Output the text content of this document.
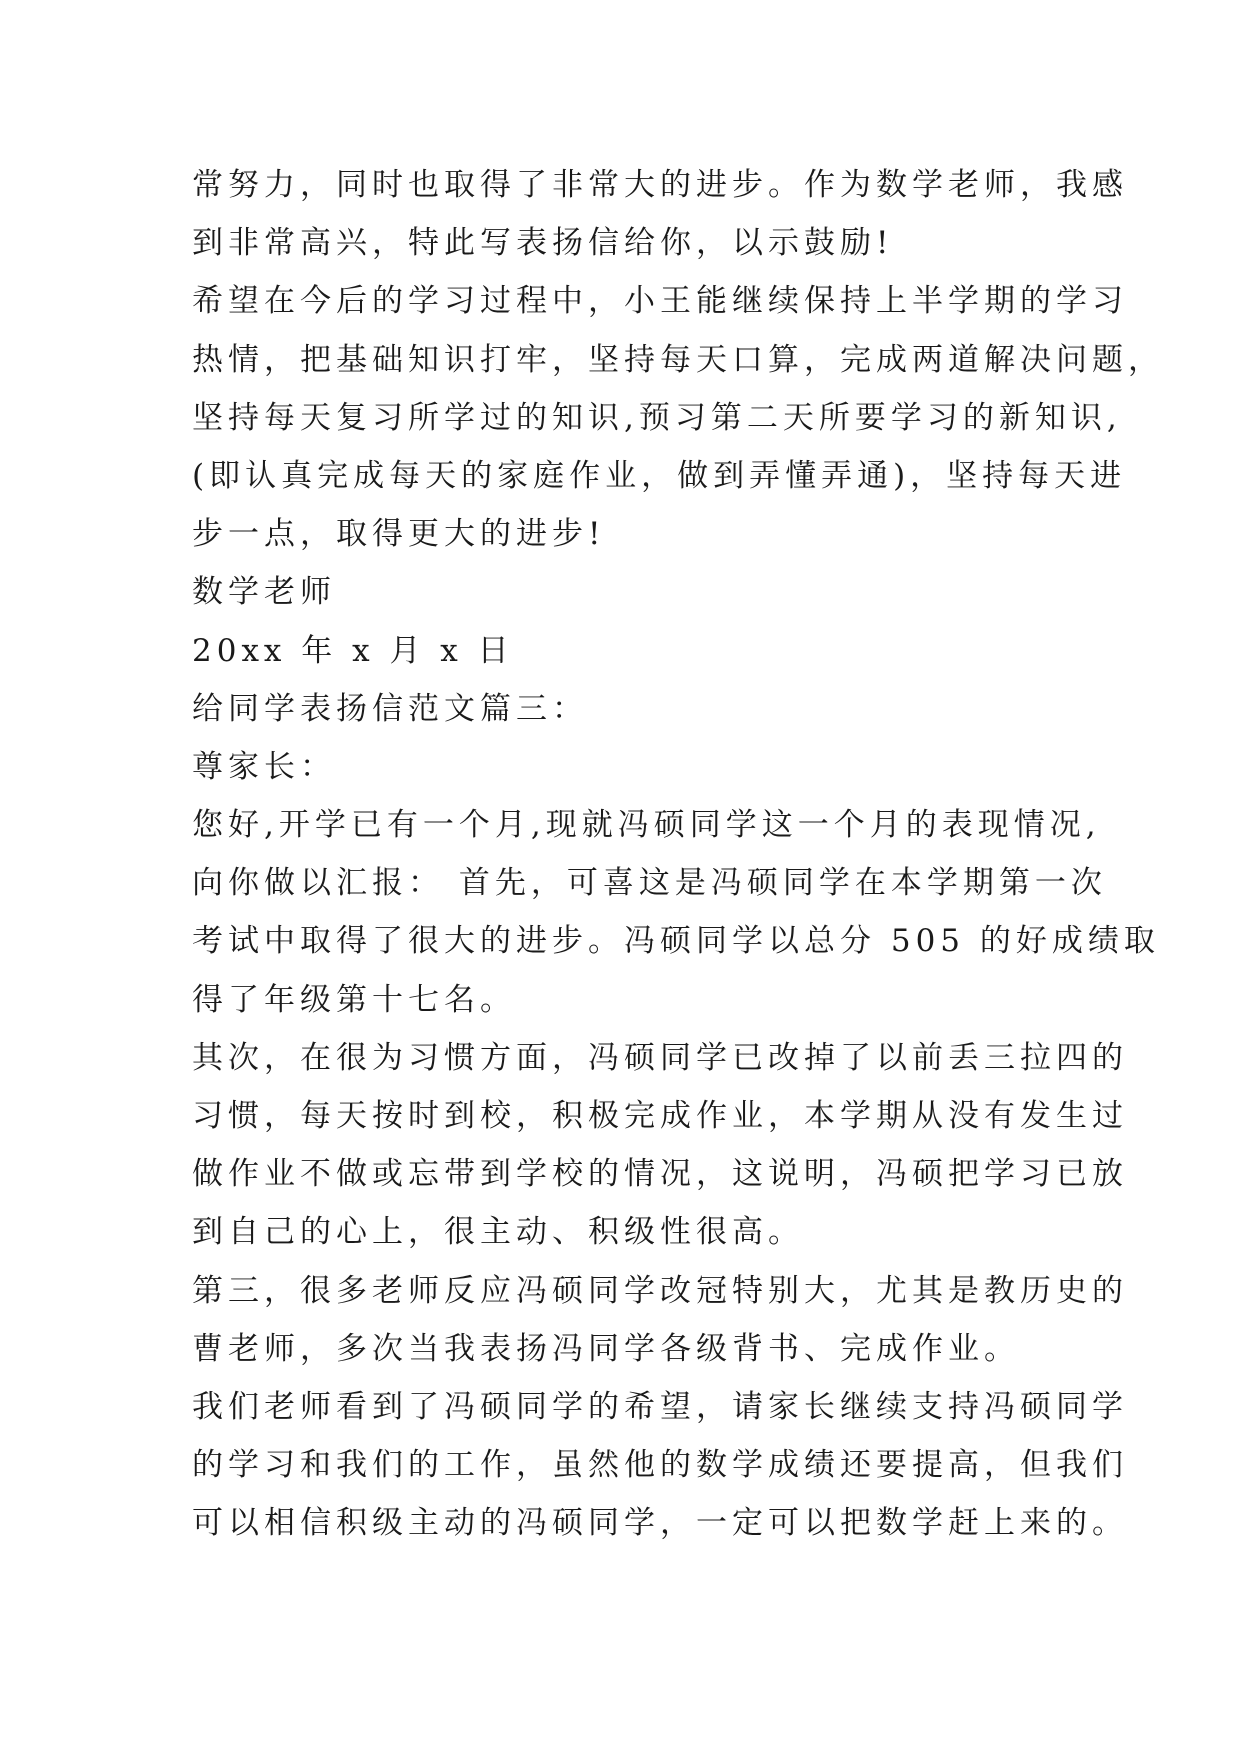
常努力，同时也取得了非常大的进步。作为数学老师，我感
到非常高兴，特此写表扬信给你，以示鼓励!
希望在今后的学习过程中，小王能继续保持上半学期的学习
热情，把基础知识打牢，坚持每天口算，完成两道解决问题，
坚持每天复习所学过的知识,预习第二天所要学习的新知识,
(即认真完成每天的家庭作业，做到弄懂弄通)，坚持每天进
步一点，取得更大的进步!
数学老师
20xx 年 x 月 x 日
给同学表扬信范文篇三：
尊家长：
您好,开学已有一个月,现就冯硕同学这一个月的表现情况,
向你做以汇报： 首先，可喜这是冯硕同学在本学期第一次
考试中取得了很大的进步。冯硕同学以总分 505 的好成绩取
得了年级第十七名。
其次，在很为习惯方面，冯硕同学已改掉了以前丢三拉四的
习惯，每天按时到校，积极完成作业，本学期从没有发生过
做作业不做或忘带到学校的情况，这说明，冯硕把学习已放
到自己的心上，很主动、积级性很高。
第三，很多老师反应冯硕同学改冠特别大，尤其是教历史的
曹老师，多次当我表扬冯同学各级背书、完成作业。
我们老师看到了冯硕同学的希望，请家长继续支持冯硕同学
的学习和我们的工作，虽然他的数学成绩还要提高，但我们
可以相信积级主动的冯硕同学，一定可以把数学赶上来的。
